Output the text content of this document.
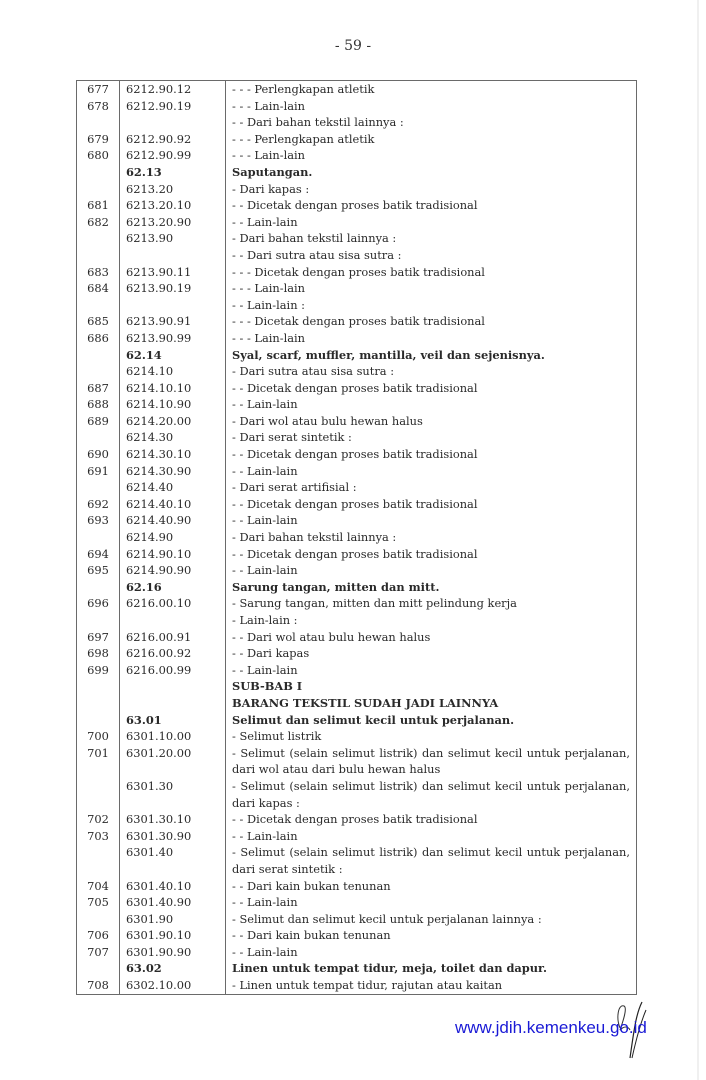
- 59 -
677	6212.90.12	- - - Perlengkapan atletik
678	6212.90.19	- - - Lain-lain
		- - Dari bahan tekstil lainnya :
679	6212.90.92	- - - Perlengkapan atletik
680	6212.90.99	- - - Lain-lain
	62.13	Saputangan.
	6213.20	- Dari kapas :
681	6213.20.10	- - Dicetak dengan proses batik tradisional
682	6213.20.90	- - Lain-lain
	6213.90	- Dari bahan tekstil lainnya :
		- - Dari sutra atau sisa sutra :
683	6213.90.11	- - - Dicetak dengan proses batik tradisional
684	6213.90.19	- - - Lain-lain
		- - Lain-lain :
685	6213.90.91	- - - Dicetak dengan proses batik tradisional
686	6213.90.99	- - - Lain-lain
	62.14	Syal, scarf, muffler, mantilla, veil dan sejenisnya.
	6214.10	- Dari sutra atau sisa sutra :
687	6214.10.10	- - Dicetak dengan proses batik tradisional
688	6214.10.90	- - Lain-lain
689	6214.20.00	- Dari wol atau bulu hewan halus
	6214.30	- Dari serat sintetik :
690	6214.30.10	- - Dicetak dengan proses batik tradisional
691	6214.30.90	- - Lain-lain
	6214.40	- Dari serat artifisial :
692	6214.40.10	- - Dicetak dengan proses batik tradisional
693	6214.40.90	- - Lain-lain
	6214.90	- Dari bahan tekstil lainnya :
694	6214.90.10	- - Dicetak dengan proses batik tradisional
695	6214.90.90	- - Lain-lain
	62.16	Sarung tangan, mitten dan mitt.
696	6216.00.10	- Sarung tangan, mitten dan mitt pelindung kerja
		- Lain-lain :
697	6216.00.91	- - Dari wol atau bulu hewan halus
698	6216.00.92	- - Dari kapas
699	6216.00.99	- - Lain-lain
		SUB-BAB I
		BARANG TEKSTIL SUDAH JADI LAINNYA
	63.01	Selimut dan selimut kecil untuk perjalanan.
700	6301.10.00	- Selimut listrik
701	6301.20.00	- Selimut (selain selimut listrik) dan selimut kecil untuk perjalanan, dari wol atau dari bulu hewan halus
	6301.30	- Selimut (selain selimut listrik) dan selimut kecil untuk perjalanan, dari kapas :
702	6301.30.10	- - Dicetak dengan proses batik tradisional
703	6301.30.90	- - Lain-lain
	6301.40	- Selimut (selain selimut listrik) dan selimut kecil untuk perjalanan, dari serat sintetik :
704	6301.40.10	- - Dari kain bukan tenunan
705	6301.40.90	- - Lain-lain
	6301.90	- Selimut dan selimut kecil untuk perjalanan lainnya :
706	6301.90.10	- - Dari kain bukan tenunan
707	6301.90.90	- - Lain-lain
	63.02	Linen untuk tempat tidur, meja, toilet dan dapur.
708	6302.10.00	- Linen untuk tempat tidur, rajutan atau kaitan
www.jdih.kemenkeu.go.id
